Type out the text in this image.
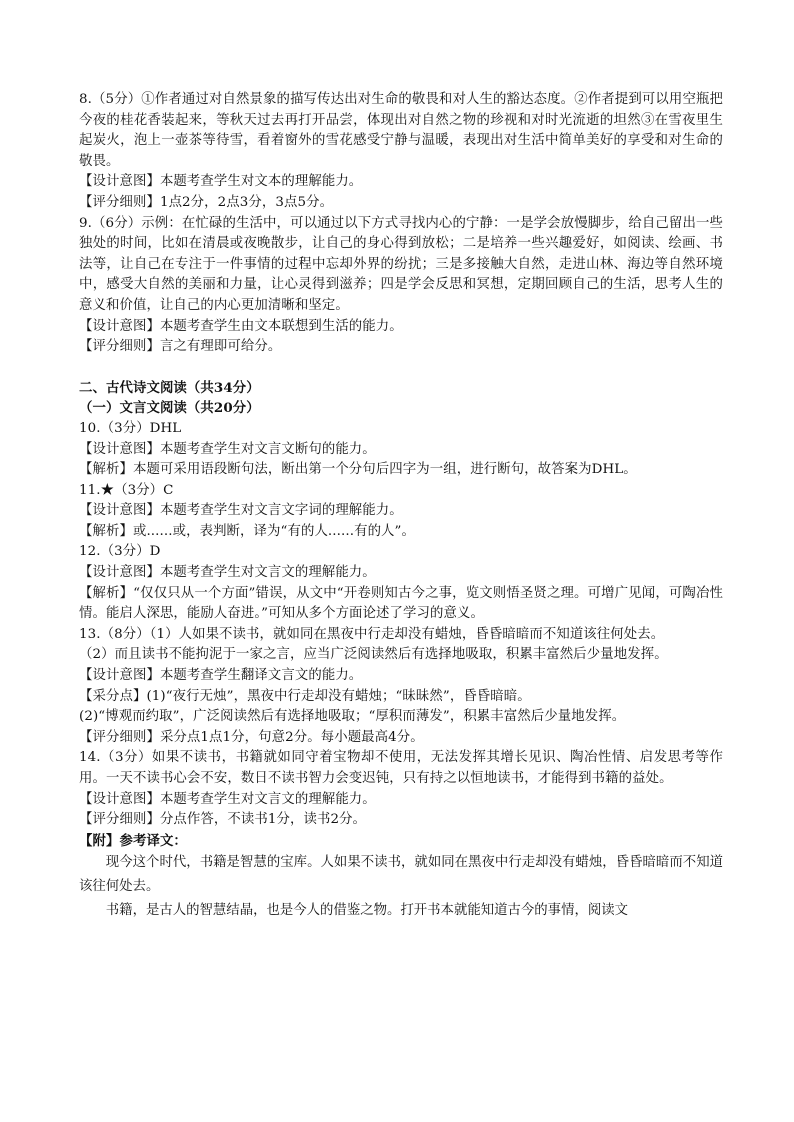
8.（5分）①作者通过对自然景象的描写传达出对生命的敬畏和对人生的豁达态度。②作者提到可以用空瓶把今夜的桂花香装起来，等秋天过去再打开品尝，体现出对自然之物的珍视和对时光流逝的坦然③在雪夜里生起炭火，泡上一壶茶等待雪，看着窗外的雪花感受宁静与温暖，表现出对生活中简单美好的享受和对生命的敬畏。

【设计意图】本题考查学生对文本的理解能力。

【评分细则】1点2分，2点3分，3点5分。

9.（6分）示例：在忙碌的生活中，可以通过以下方式寻找内心的宁静：一是学会放慢脚步，给自己留出一些独处的时间，比如在清晨或夜晚散步，让自己的身心得到放松；二是培养一些兴趣爱好，如阅读、绘画、书法等，让自己在专注于一件事情的过程中忘却外界的纷扰；三是多接触大自然，走进山林、海边等自然环境中，感受大自然的美丽和力量，让心灵得到滋养；四是学会反思和冥想，定期回顾自己的生活，思考人生的意义和价值，让自己的内心更加清晰和坚定。

【设计意图】本题考查学生由文本联想到生活的能力。

【评分细则】言之有理即可给分。

二、古代诗文阅读（共34分）

（一）文言文阅读（共20分）

10.（3分）DHL

【设计意图】本题考查学生对文言文断句的能力。

【解析】本题可采用语段断句法，断出第一个分句后四字为一组，进行断句，故答案为DHL。

11.★（3分）C

【设计意图】本题考查学生对文言文字词的理解能力。

【解析】或......或，表判断，译为“有的人......有的人”。

12.（3分）D

【设计意图】本题考查学生对文言文的理解能力。

【解析】“仅仅只从一个方面”错误，从文中“开卷则知古今之事，览文则悟圣贤之理。可增广见闻，可陶冶性情。能启人深思，能励人奋进。”可知从多个方面论述了学习的意义。

13.（8分）（1）人如果不读书，就如同在黑夜中行走却没有蜡烛，昏昏暗暗而不知道该往何处去。

（2）而且读书不能拘泥于一家之言，应当广泛阅读然后有选择地吸取，积累丰富然后少量地发挥。

【设计意图】本题考查学生翻译文言文的能力。

【采分点】(1)“夜行无烛”，黑夜中行走却没有蜡烛；“昧昧然”，昏昏暗暗。

(2)“博观而约取”，广泛阅读然后有选择地吸取；“厚积而薄发”，积累丰富然后少量地发挥。

【评分细则】采分点1点1分，句意2分。每小题最高4分。

14.（3分）如果不读书，书籍就如同守着宝物却不使用，无法发挥其增长见识、陶冶性情、启发思考等作用。一天不读书心会不安，数日不读书智力会变迟钝，只有持之以恒地读书，才能得到书籍的益处。

【设计意图】本题考查学生对文言文的理解能力。

【评分细则】分点作答，不读书1分，读书2分。

【附】参考译文：

现今这个时代，书籍是智慧的宝库。人如果不读书，就如同在黑夜中行走却没有蜡烛，昏昏暗暗而不知道该往何处去。

书籍，是古人的智慧结晶，也是今人的借鉴之物。打开书本就能知道古今的事情，阅读文
